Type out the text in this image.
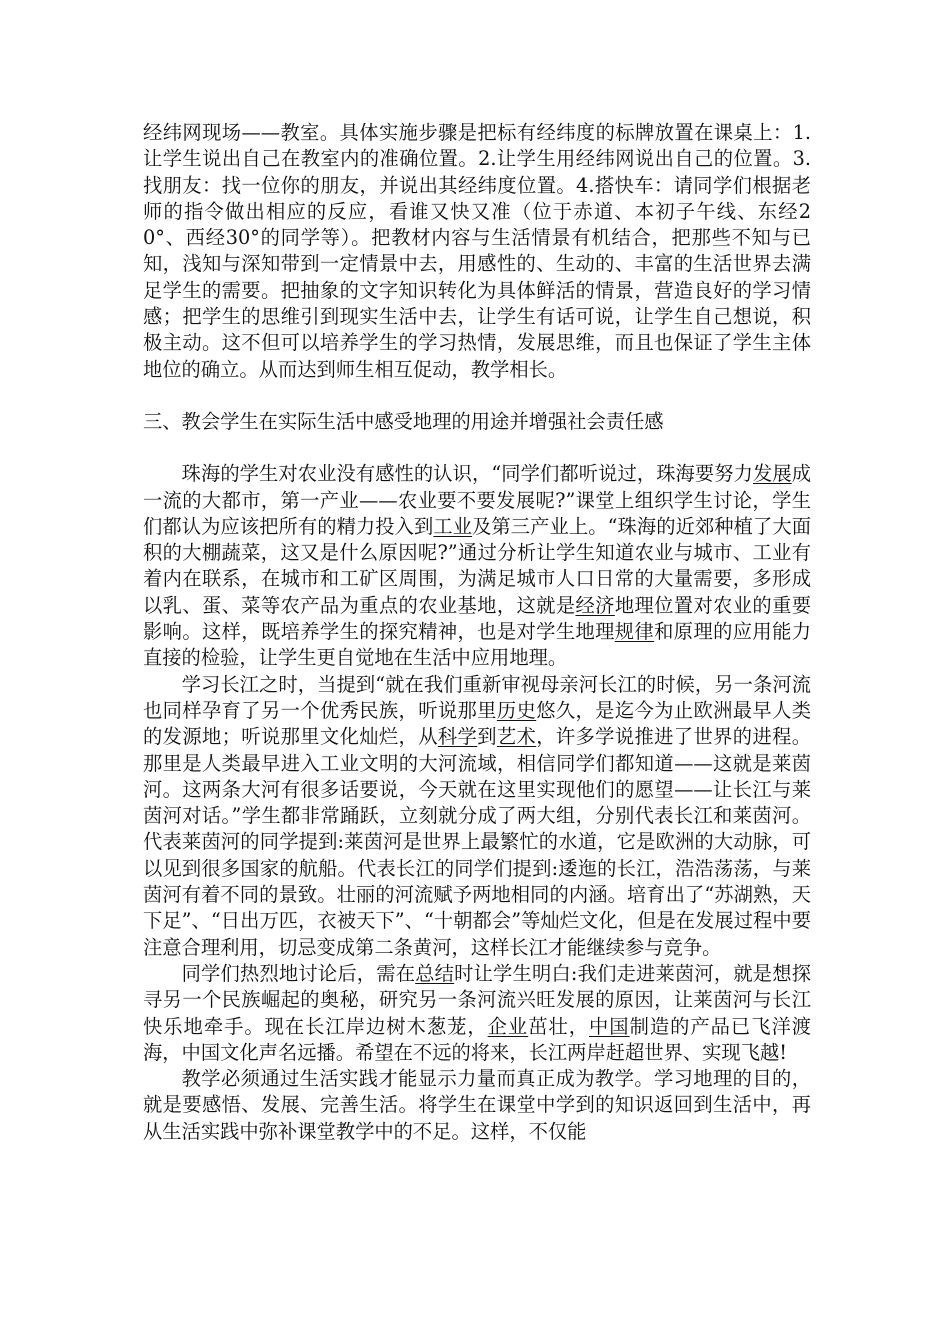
经纬网现场——教室。具体实施步骤是把标有经纬度的标牌放置在课桌上：1.让学生说出自己在教室内的准确位置。2.让学生用经纬网说出自己的位置。3.找朋友：找一位你的朋友，并说出其经纬度位置。4.搭快车：请同学们根据老师的指令做出相应的反应，看谁又快又准（位于赤道、本初子午线、东经20°、西经30°的同学等）。把教材内容与生活情景有机结合，把那些不知与已知，浅知与深知带到一定情景中去，用感性的、生动的、丰富的生活世界去满足学生的需要。把抽象的文字知识转化为具体鲜活的情景，营造良好的学习情感；把学生的思维引到现实生活中去，让学生有话可说，让学生自己想说，积极主动。这不但可以培养学生的学习热情，发展思维，而且也保证了学生主体地位的确立。从而达到师生相互促动，教学相长。

三、教会学生在实际生活中感受地理的用途并增强社会责任感

珠海的学生对农业没有感性的认识，“同学们都听说过，珠海要努力发展成一流的大都市，第一产业——农业要不要发展呢?”课堂上组织学生讨论，学生们都认为应该把所有的精力投入到工业及第三产业上。“珠海的近郊种植了大面积的大棚蔬菜，这又是什么原因呢?”通过分析让学生知道农业与城市、工业有着内在联系，在城市和工矿区周围，为满足城市人口日常的大量需要，多形成以乳、蛋、菜等农产品为重点的农业基地，这就是经济地理位置对农业的重要影响。这样，既培养学生的探究精神，也是对学生地理规律和原理的应用能力直接的检验，让学生更自觉地在生活中应用地理。

学习长江之时，当提到“就在我们重新审视母亲河长江的时候，另一条河流也同样孕育了另一个优秀民族，听说那里历史悠久，是迄今为止欧洲最早人类的发源地；听说那里文化灿烂，从科学到艺术，许多学说推进了世界的进程。那里是人类最早进入工业文明的大河流域，相信同学们都知道——这就是莱茵河。这两条大河有很多话要说，今天就在这里实现他们的愿望——让长江与莱茵河对话。”学生都非常踊跃，立刻就分成了两大组，分别代表长江和莱茵河。代表莱茵河的同学提到:莱茵河是世界上最繁忙的水道，它是欧洲的大动脉，可以见到很多国家的航船。代表长江的同学们提到:逶迤的长江，浩浩荡荡，与莱茵河有着不同的景致。壮丽的河流赋予两地相同的内涵。培育出了“苏湖熟，天下足”、“日出万匹，衣被天下”、“十朝都会”等灿烂文化，但是在发展过程中要注意合理利用，切忌变成第二条黄河，这样长江才能继续参与竞争。

同学们热烈地讨论后，需在总结时让学生明白:我们走进莱茵河，就是想探寻另一个民族崛起的奥秘，研究另一条河流兴旺发展的原因，让莱茵河与长江快乐地牵手。现在长江岸边树木葱茏，企业茁壮，中国制造的产品已飞洋渡海，中国文化声名远播。希望在不远的将来，长江两岸赶超世界、实现飞越!

教学必须通过生活实践才能显示力量而真正成为教学。学习地理的目的，就是要感悟、发展、完善生活。将学生在课堂中学到的知识返回到生活中，再从生活实践中弥补课堂教学中的不足。这样，不仅能
